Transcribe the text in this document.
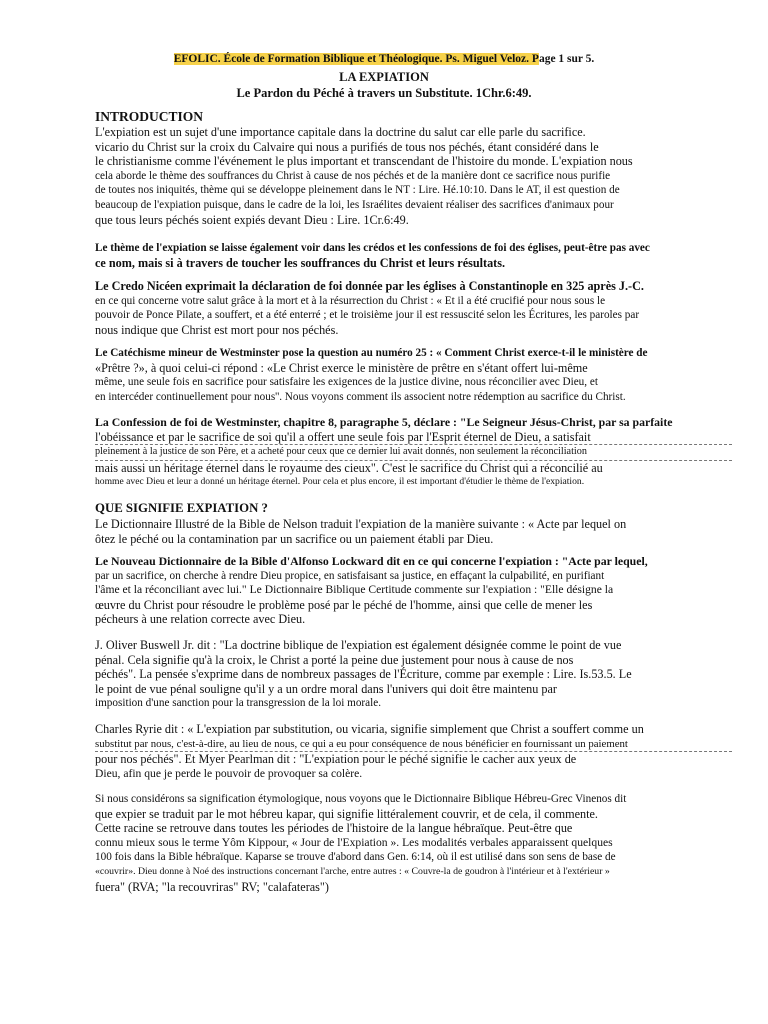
EFOLIC. École de Formation Biblique et Théologique. Ps. Miguel Veloz. Page 1 sur 5.
LA EXPIATION
Le Pardon du Péché à travers un Substitute. 1Chr.6:49.
INTRODUCTION
L'expiation est un sujet d'une importance capitale dans la doctrine du salut car elle parle du sacrifice.
vicario du Christ sur la croix du Calvaire qui nous a purifiés de tous nos péchés, étant considéré dans le
le christianisme comme l'événement le plus important et transcendant de l'histoire du monde. L'expiation nous
cela aborde le thème des souffrances du Christ à cause de nos péchés et de la manière dont ce sacrifice nous purifie
de toutes nos iniquités, thème qui se développe pleinement dans le NT : Lire. Hé.10:10. Dans le AT, il est question de
beaucoup de l'expiation puisque, dans le cadre de la loi, les Israélites devaient réaliser des sacrifices d'animaux pour
que tous leurs péchés soient expiés devant Dieu : Lire. 1Cr.6:49.
Le thème de l'expiation se laisse également voir dans les crédos et les confessions de foi des églises, peut-être pas avec
ce nom, mais si à travers de toucher les souffrances du Christ et leurs résultats.
Le Credo Nicéen exprimait la déclaration de foi donnée par les églises à Constantinople en 325 après J.-C.
en ce qui concerne votre salut grâce à la mort et à la résurrection du Christ : « Et il a été crucifié pour nous sous le
pouvoir de Ponce Pilate, a souffert, et a été enterré ; et le troisième jour il est ressuscité selon les Écritures, les paroles par
nous indique que Christ est mort pour nos péchés.
Le Catéchisme mineur de Westminster pose la question au numéro 25 : « Comment Christ exerce-t-il le ministère de
«Prêtre ?», à quoi celui-ci répond : «Le Christ exerce le ministère de prêtre en s'étant offert lui-même
même, une seule fois en sacrifice pour satisfaire les exigences de la justice divine, nous réconcilier avec Dieu, et
en intercéder continuellement pour nous''. Nous voyons comment ils associent notre rédemption au sacrifice du Christ.
La Confession de foi de Westminster, chapitre 8, paragraphe 5, déclare : "Le Seigneur Jésus-Christ, par sa parfaite
l'obéissance et par le sacrifice de soi qu'il a offert une seule fois par l'Esprit éternel de Dieu, a satisfait
pleinement à la justice de son Père, et a acheté pour ceux que ce dernier lui avait donnés, non seulement la réconciliation
mais aussi un héritage éternel dans le royaume des cieux". C'est le sacrifice du Christ qui a réconcilié au
homme avec Dieu et leur a donné un héritage éternel. Pour cela et plus encore, il est important d'étudier le thème de l'expiation.
QUE SIGNIFIE EXPIATION ?
Le Dictionnaire Illustré de la Bible de Nelson traduit l'expiation de la manière suivante : « Acte par lequel on
ôtez le péché ou la contamination par un sacrifice ou un paiement établi par Dieu.
Le Nouveau Dictionnaire de la Bible d'Alfonso Lockward dit en ce qui concerne l'expiation : "Acte par lequel,
par un sacrifice, on cherche à rendre Dieu propice, en satisfaisant sa justice, en effaçant la culpabilité, en purifiant
l'âme et la réconciliant avec lui." Le Dictionnaire Biblique Certitude commente sur l'expiation : "Elle désigne la
œuvre du Christ pour résoudre le problème posé par le péché de l'homme, ainsi que celle de mener les
pécheurs à une relation correcte avec Dieu.
J. Oliver Buswell Jr. dit : "La doctrine biblique de l'expiation est également désignée comme le point de vue
pénal. Cela signifie qu'à la croix, le Christ a porté la peine due justement pour nous à cause de nos
péchés". La pensée s'exprime dans de nombreux passages de l'Écriture, comme par exemple : Lire. Is.53.5. Le
le point de vue pénal souligne qu'il y a un ordre moral dans l'univers qui doit être maintenu par
imposition d'une sanction pour la transgression de la loi morale.
Charles Ryrie dit : « L'expiation par substitution, ou vicaria, signifie simplement que Christ a souffert comme un
substitut par nous, c'est-à-dire, au lieu de nous, ce qui a eu pour conséquence de nous bénéficier en fournissant un paiement
pour nos péchés". Et Myer Pearlman dit : "L'expiation pour le péché signifie le cacher aux yeux de
Dieu, afin que je perde le pouvoir de provoquer sa colère.
Si nous considérons sa signification étymologique, nous voyons que le Dictionnaire Biblique Hébreu-Grec Vinenos dit
que expier se traduit par le mot hébreu kapar, qui signifie littéralement couvrir, et de cela, il commente.
Cette racine se retrouve dans toutes les périodes de l'histoire de la langue hébraïque. Peut-être que
connu mieux sous le terme Yôm Kippour, « Jour de l'Expiation ». Les modalités verbales apparaissent quelques
100 fois dans la Bible hébraïque. Kaparse se trouve d'abord dans Gen. 6:14, où il est utilisé dans son sens de base de
«couvrir». Dieu donne à Noé des instructions concernant l'arche, entre autres : « Couvre-la de goudron à l'intérieur et à l'extérieur »
fuera" (RVA; "la recouvriras" RV; "calafateras")
